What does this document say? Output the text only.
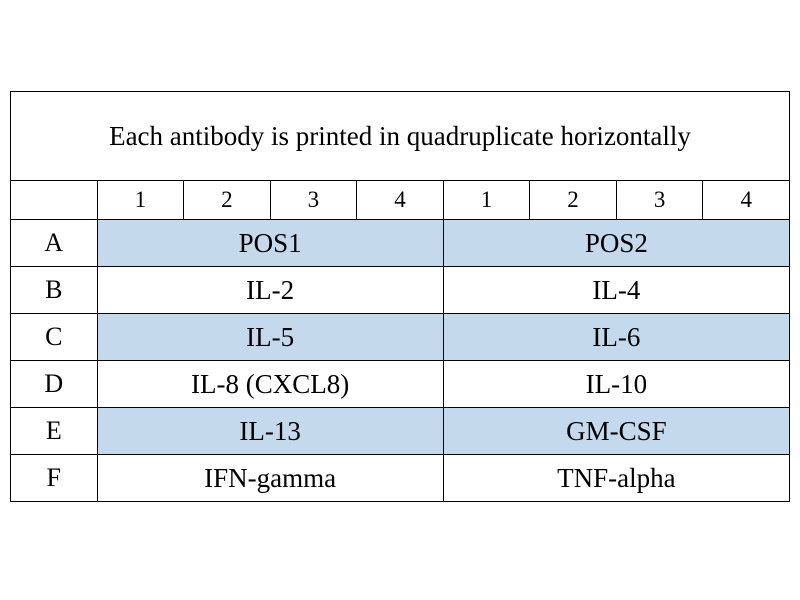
Each antibody is printed in quadruplicate horizontally								
	1	2	3	4	1	2	3	4
A	POS1				POS2			
B	IL-2				IL-4			
C	IL-5				IL-6			
D	IL-8 (CXCL8)				IL-10			
E	IL-13				GM-CSF			
F	IFN-gamma				TNF-alpha			
